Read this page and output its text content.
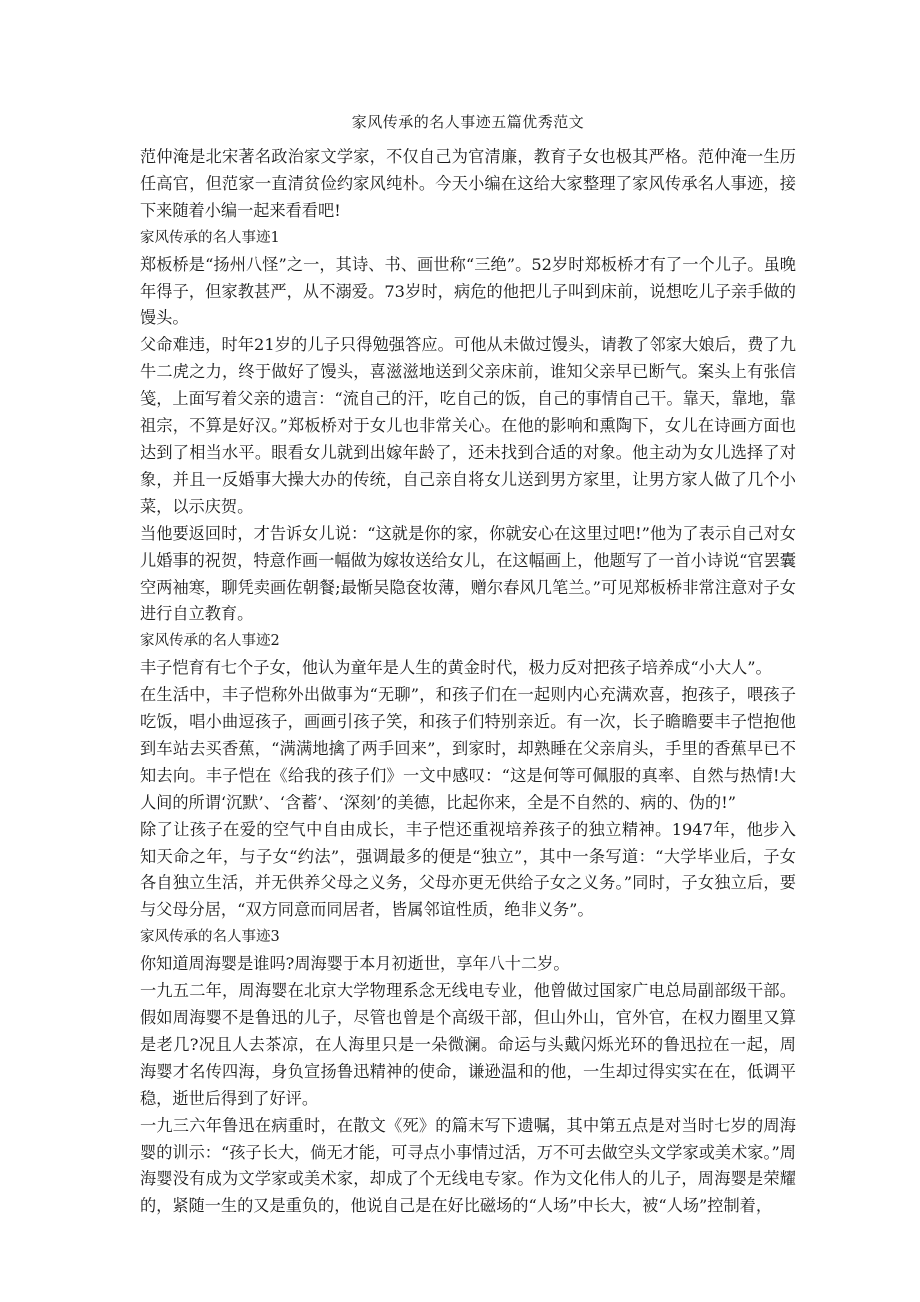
家风传承的名人事迹五篇优秀范文

范仲淹是北宋著名政治家文学家，不仅自己为官清廉，教育子女也极其严格。范仲淹一生历任高官，但范家一直清贫俭约家风纯朴。今天小编在这给大家整理了家风传承名人事迹，接下来随着小编一起来看看吧!

家风传承的名人事迹1

郑板桥是“扬州八怪”之一，其诗、书、画世称“三绝”。52岁时郑板桥才有了一个儿子。虽晚年得子，但家教甚严，从不溺爱。73岁时，病危的他把儿子叫到床前，说想吃儿子亲手做的馒头。

父命难违，时年21岁的儿子只得勉强答应。可他从未做过馒头，请教了邻家大娘后，费了九牛二虎之力，终于做好了馒头，喜滋滋地送到父亲床前，谁知父亲早已断气。案头上有张信笺，上面写着父亲的遗言：“流自己的汗，吃自己的饭，自己的事情自己干。靠天，靠地，靠祖宗，不算是好汉。”郑板桥对于女儿也非常关心。在他的影响和熏陶下，女儿在诗画方面也达到了相当水平。眼看女儿就到出嫁年龄了，还未找到合适的对象。他主动为女儿选择了对象，并且一反婚事大操大办的传统，自己亲自将女儿送到男方家里，让男方家人做了几个小菜，以示庆贺。

当他要返回时，才告诉女儿说：“这就是你的家，你就安心在这里过吧!”他为了表示自己对女儿婚事的祝贺，特意作画一幅做为嫁妆送给女儿，在这幅画上，他题写了一首小诗说“官罢囊空两袖寒，聊凭卖画佐朝餐;最惭吴隐奁妆薄，赠尔春风几笔兰。”可见郑板桥非常注意对子女进行自立教育。

家风传承的名人事迹2

丰子恺育有七个子女，他认为童年是人生的黄金时代，极力反对把孩子培养成“小大人”。

在生活中，丰子恺称外出做事为“无聊”，和孩子们在一起则内心充满欢喜，抱孩子，喂孩子吃饭，唱小曲逗孩子，画画引孩子笑，和孩子们特别亲近。有一次，长子瞻瞻要丰子恺抱他到车站去买香蕉，“满满地擒了两手回来”，到家时，却熟睡在父亲肩头，手里的香蕉早已不知去向。丰子恺在《给我的孩子们》一文中感叹：“这是何等可佩服的真率、自然与热情!大人间的所谓‘沉默’、‘含蓄’、‘深刻’的美德，比起你来，全是不自然的、病的、伪的!”

除了让孩子在爱的空气中自由成长，丰子恺还重视培养孩子的独立精神。1947年，他步入知天命之年，与子女“约法”，强调最多的便是“独立”，其中一条写道：“大学毕业后，子女各自独立生活，并无供养父母之义务，父母亦更无供给子女之义务。”同时，子女独立后，要与父母分居，“双方同意而同居者，皆属邻谊性质，绝非义务”。

家风传承的名人事迹3

你知道周海婴是谁吗?周海婴于本月初逝世，享年八十二岁。

一九五二年，周海婴在北京大学物理系念无线电专业，他曾做过国家广电总局副部级干部。假如周海婴不是鲁迅的儿子，尽管也曾是个高级干部，但山外山，官外官，在权力圈里又算是老几?况且人去茶凉，在人海里只是一朵微澜。命运与头戴闪烁光环的鲁迅拉在一起，周海婴才名传四海，身负宣扬鲁迅精神的使命，谦逊温和的他，一生却过得实实在在，低调平稳，逝世后得到了好评。

一九三六年鲁迅在病重时，在散文《死》的篇末写下遗嘱，其中第五点是对当时七岁的周海婴的训示：“孩子长大，倘无才能，可寻点小事情过活，万不可去做空头文学家或美术家。”周海婴没有成为文学家或美术家，却成了个无线电专家。作为文化伟人的儿子，周海婴是荣耀的，紧随一生的又是重负的，他说自己是在好比磁场的“人场”中长大，被“人场”控制着，
